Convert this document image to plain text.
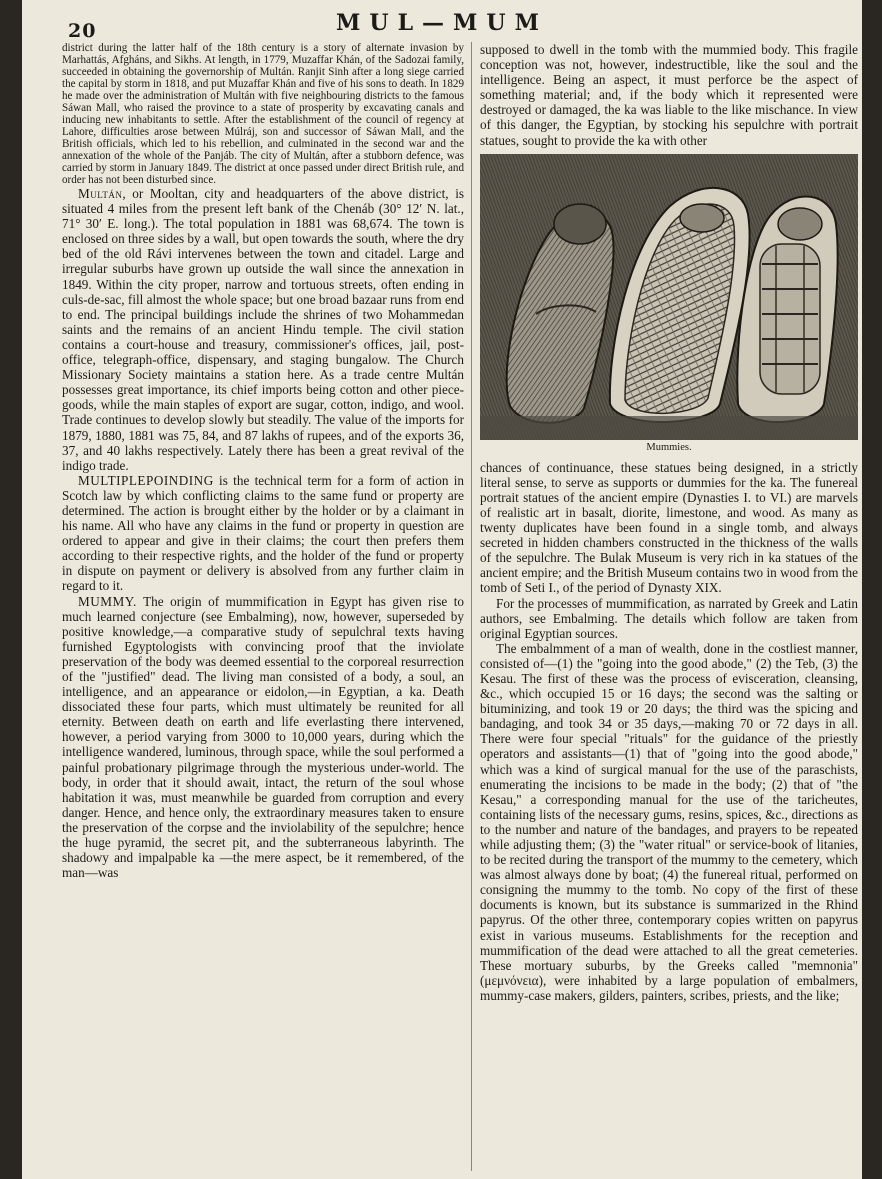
20	MUL—MUM

district during the latter half of the 18th century is a story of alternate invasion by Marhattás, Afgháns, and Sikhs. At length, in 1779, Muzaffar Khán, of the Sadozai family, succeeded in obtaining the governorship of Multán. Ranjit Sinh after a long siege carried the capital by storm in 1818, and put Muzaffar Khán and five of his sons to death. In 1829 he made over the administration of Multán with five neighbouring districts to the famous Sáwan Mall, who raised the province to a state of prosperity by excavating canals and inducing new inhabitants to settle. After the establishment of the council of regency at Lahore, difficulties arose between Múlráj, son and successor of Sáwan Mall, and the British officials, which led to his rebellion, and culminated in the second war and the annexation of the whole of the Panjáb. The city of Multán, after a stubborn defence, was carried by storm in January 1849. The district at once passed under direct British rule, and order has not been disturbed since.

Multán, or Mooltan, city and headquarters of the above district, is situated 4 miles from the present left bank of the Chenáb (30° 12′ N. lat., 71° 30′ E. long.). The total population in 1881 was 68,674. The town is enclosed on three sides by a wall, but open towards the south, where the dry bed of the old Rávi intervenes between the town and citadel. Large and irregular suburbs have grown up outside the wall since the annexation in 1849. Within the city proper, narrow and tortuous streets, often ending in culs-de-sac, fill almost the whole space; but one broad bazaar runs from end to end. The principal buildings include the shrines of two Mohammedan saints and the remains of an ancient Hindu temple. The civil station contains a court-house and treasury, commissioner's offices, jail, post-office, telegraph-office, dispensary, and staging bungalow. The Church Missionary Society maintains a station here. As a trade centre Multán possesses great importance, its chief imports being cotton and other piece-goods, while the main staples of export are sugar, cotton, indigo, and wool. Trade continues to develop slowly but steadily. The value of the imports for 1879, 1880, 1881 was 75, 84, and 87 lakhs of rupees, and of the exports 36, 37, and 40 lakhs respectively. Lately there has been a great revival of the indigo trade.

MULTIPLEPOINDING is the technical term for a form of action in Scotch law by which conflicting claims to the same fund or property are determined. The action is brought either by the holder or by a claimant in his name. All who have any claims in the fund or property in question are ordered to appear and give in their claims; the court then prefers them according to their respective rights, and the holder of the fund or property in dispute on payment or delivery is absolved from any further claim in regard to it.

MUMMY. The origin of mummification in Egypt has given rise to much learned conjecture (see Embalming), now, however, superseded by positive knowledge,—a comparative study of sepulchral texts having furnished Egyptologists with convincing proof that the inviolate preservation of the body was deemed essential to the corporeal resurrection of the "justified" dead. The living man consisted of a body, a soul, an intelligence, and an appearance or eidolon,—in Egyptian, a ka. Death dissociated these four parts, which must ultimately be reunited for all eternity. Between death on earth and life everlasting there intervened, however, a period varying from 3000 to 10,000 years, during which the intelligence wandered, luminous, through space, while the soul performed a painful probationary pilgrimage through the mysterious under-world. The body, in order that it should await, intact, the return of the soul whose habitation it was, must meanwhile be guarded from corruption and every danger. Hence, and hence only, the extraordinary measures taken to ensure the preservation of the corpse and the inviolability of the sepulchre; hence the huge pyramid, the secret pit, and the subterraneous labyrinth. The shadowy and impalpable ka —the mere aspect, be it remembered, of the man—was

supposed to dwell in the tomb with the mummied body. This fragile conception was not, however, indestructible, like the soul and the intelligence. Being an aspect, it must perforce be the aspect of something material; and, if the body which it represented were destroyed or damaged, the ka was liable to the like mischance. In view of this danger, the Egyptian, by stocking his sepulchre with portrait statues, sought to provide the ka with other

Mummies.

chances of continuance, these statues being designed, in a strictly literal sense, to serve as supports or dummies for the ka. The funereal portrait statues of the ancient empire (Dynasties I. to VI.) are marvels of realistic art in basalt, diorite, limestone, and wood. As many as twenty duplicates have been found in a single tomb, and always secreted in hidden chambers constructed in the thickness of the walls of the sepulchre. The Bulak Museum is very rich in ka statues of the ancient empire; and the British Museum contains two in wood from the tomb of Seti I., of the period of Dynasty XIX.

For the processes of mummification, as narrated by Greek and Latin authors, see Embalming. The details which follow are taken from original Egyptian sources.

The embalmment of a man of wealth, done in the costliest manner, consisted of—(1) the "going into the good abode," (2) the Teb, (3) the Kesau. The first of these was the process of evisceration, cleansing, &c., which occupied 15 or 16 days; the second was the salting or bituminizing, and took 19 or 20 days; the third was the spicing and bandaging, and took 34 or 35 days,—making 70 or 72 days in all. There were four special "rituals" for the guidance of the priestly operators and assistants—(1) that of "going into the good abode," which was a kind of surgical manual for the use of the paraschists, enumerating the incisions to be made in the body; (2) that of "the Kesau," a corresponding manual for the use of the taricheutes, containing lists of the necessary gums, resins, spices, &c., directions as to the number and nature of the bandages, and prayers to be repeated while adjusting them; (3) the "water ritual" or service-book of litanies, to be recited during the transport of the mummy to the cemetery, which was almost always done by boat; (4) the funereal ritual, performed on consigning the mummy to the tomb. No copy of the first of these documents is known, but its substance is summarized in the Rhind papyrus. Of the other three, contemporary copies written on papyrus exist in various museums. Establishments for the reception and mummification of the dead were attached to all the great cemeteries. These mortuary suburbs, by the Greeks called "memnonia" (μεμνόνεια), were inhabited by a large population of embalmers, mummy-case makers, gilders, painters, scribes, priests, and the like;
